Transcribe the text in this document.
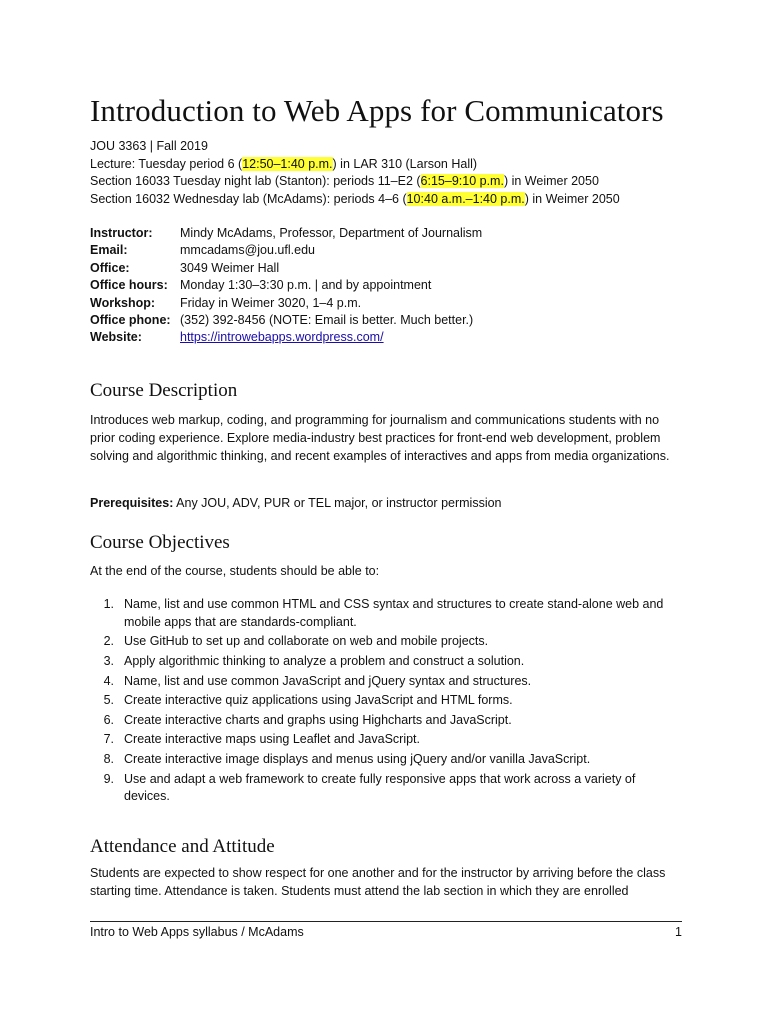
Introduction to Web Apps for Communicators
JOU 3363 | Fall 2019
Lecture: Tuesday period 6 (12:50–1:40 p.m.) in LAR 310 (Larson Hall)
Section 16033 Tuesday night lab (Stanton): periods 11–E2 (6:15–9:10 p.m.) in Weimer 2050
Section 16032 Wednesday lab (McAdams): periods 4–6 (10:40 a.m.–1:40 p.m.) in Weimer 2050
Instructor:	Mindy McAdams, Professor, Department of Journalism
Email:	mmcadams@jou.ufl.edu
Office:	3049 Weimer Hall
Office hours: Monday 1:30–3:30 p.m. | and by appointment
Workshop:	Friday in Weimer 3020, 1–4 p.m.
Office phone: (352) 392-8456 (NOTE: Email is better. Much better.)
Website:	https://introwebapps.wordpress.com/
Course Description

Introduces web markup, coding, and programming for journalism and communications students with no prior coding experience. Explore media-industry best practices for front-end web development, problem solving and algorithmic thinking, and recent examples of interactives and apps from media organizations.

Prerequisites: Any JOU, ADV, PUR or TEL major, or instructor permission

Course Objectives

At the end of the course, students should be able to:

1. Name, list and use common HTML and CSS syntax and structures to create stand-alone web and mobile apps that are standards-compliant.
2. Use GitHub to set up and collaborate on web and mobile projects.
3. Apply algorithmic thinking to analyze a problem and construct a solution.
4. Name, list and use common JavaScript and jQuery syntax and structures.
5. Create interactive quiz applications using JavaScript and HTML forms.
6. Create interactive charts and graphs using Highcharts and JavaScript.
7. Create interactive maps using Leaflet and JavaScript.
8. Create interactive image displays and menus using jQuery and/or vanilla JavaScript.
9. Use and adapt a web framework to create fully responsive apps that work across a variety of devices.
Attendance and Attitude

Students are expected to show respect for one another and for the instructor by arriving before the class starting time. Attendance is taken. Students must attend the lab section in which they are enrolled

Intro to Web Apps syllabus / McAdams	1
